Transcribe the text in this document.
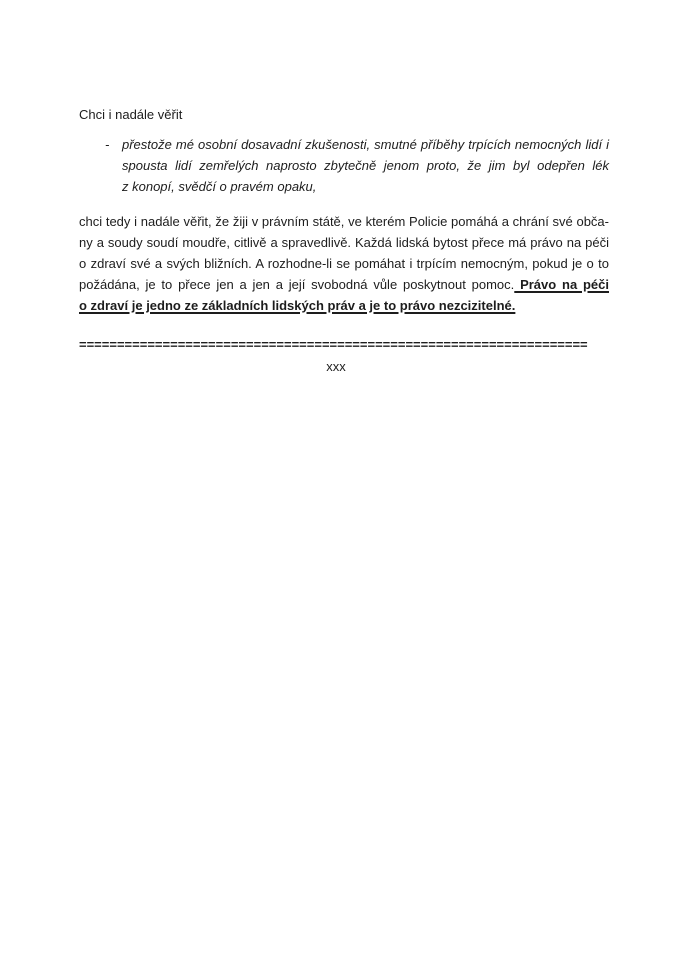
Chci i nadále věřit
- přestože mé osobní dosavadní zkušenosti, smutné příběhy trpících nemocných lidí i
spousta lidí zemřelých naprosto zbytečně jenom proto, že jim byl odepřen lék
z konopí, svědčí o pravém opaku,
chci tedy i nadále věřit, že žiji v právním státě, ve kterém Policie pomáhá a chrání své obča-
ny a soudy soudí moudře, citlivě a spravedlivě. Každá lidská bytost přece má právo na péči
o zdraví své a svých bližních. A rozhodne-li se pomáhat i trpícím nemocným, pokud je o to
požádána, je to přece jen a jen a její svobodná vůle poskytnout pomoc. Právo na péči
o zdraví je jedno ze základních lidských práv a je to právo nezcizitelné.
===================================================================
xxx
